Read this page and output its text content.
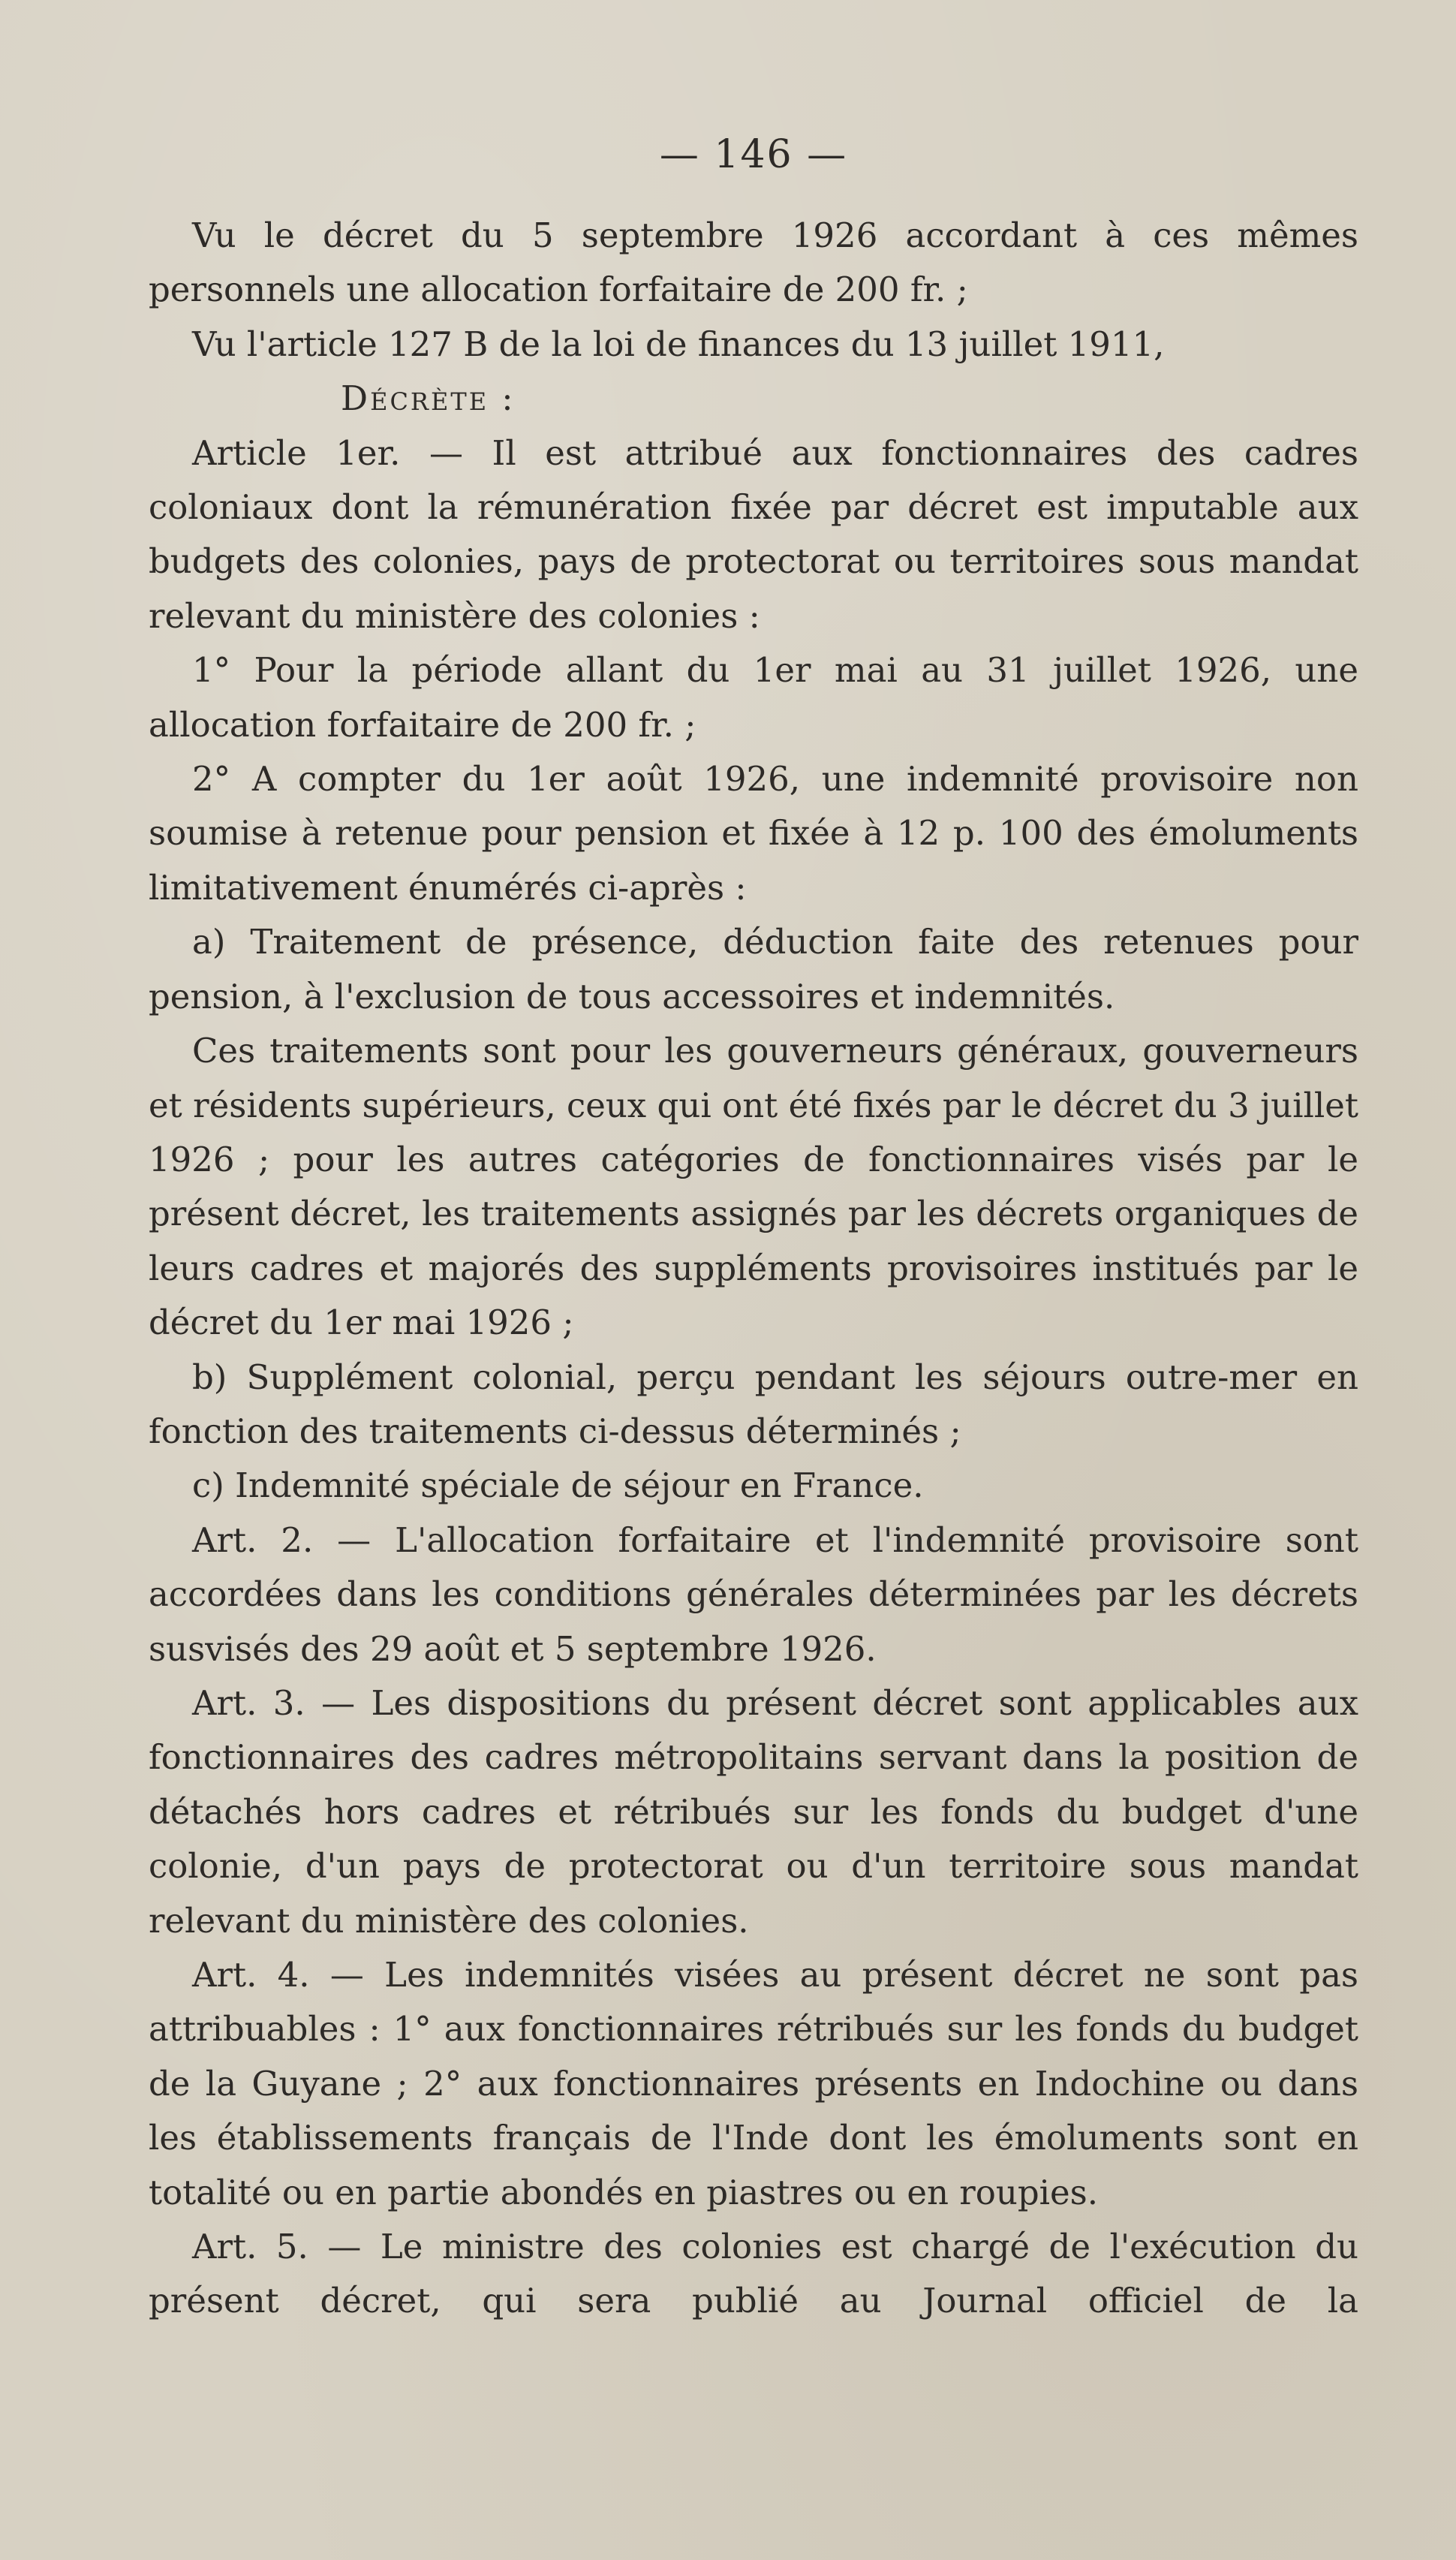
— 146 —

Vu le décret du 5 septembre 1926 accordant à ces mêmes personnels une allocation forfaitaire de 200 fr. ;

Vu l'article 127 B de la loi de finances du 13 juillet 1911,

Décrète :

Article 1er. — Il est attribué aux fonctionnaires des cadres coloniaux dont la rémunération fixée par décret est imputable aux budgets des colonies, pays de protectorat ou territoires sous mandat relevant du ministère des colonies :

1° Pour la période allant du 1er mai au 31 juillet 1926, une allocation forfaitaire de 200 fr. ;

2° A compter du 1er août 1926, une indemnité provisoire non soumise à retenue pour pension et fixée à 12 p. 100 des émoluments limitativement énumérés ci-après :

a) Traitement de présence, déduction faite des retenues pour pension, à l'exclusion de tous accessoires et indemnités.

Ces traitements sont pour les gouverneurs généraux, gouverneurs et résidents supérieurs, ceux qui ont été fixés par le décret du 3 juillet 1926 ; pour les autres catégories de fonctionnaires visés par le présent décret, les traitements assignés par les décrets organiques de leurs cadres et majorés des suppléments provisoires institués par le décret du 1er mai 1926 ;

b) Supplément colonial, perçu pendant les séjours outre-mer en fonction des traitements ci-dessus déterminés ;

c) Indemnité spéciale de séjour en France.

Art. 2. — L'allocation forfaitaire et l'indemnité provisoire sont accordées dans les conditions générales déterminées par les décrets susvisés des 29 août et 5 septembre 1926.

Art. 3. — Les dispositions du présent décret sont applicables aux fonctionnaires des cadres métropolitains servant dans la position de détachés hors cadres et rétribués sur les fonds du budget d'une colonie, d'un pays de protectorat ou d'un territoire sous mandat relevant du ministère des colonies.

Art. 4. — Les indemnités visées au présent décret ne sont pas attribuables : 1° aux fonctionnaires rétribués sur les fonds du budget de la Guyane ; 2° aux fonctionnaires présents en Indochine ou dans les établissements français de l'Inde dont les émoluments sont en totalité ou en partie abondés en piastres ou en roupies.

Art. 5. — Le ministre des colonies est chargé de l'exécution du présent décret, qui sera publié au Journal officiel de la
